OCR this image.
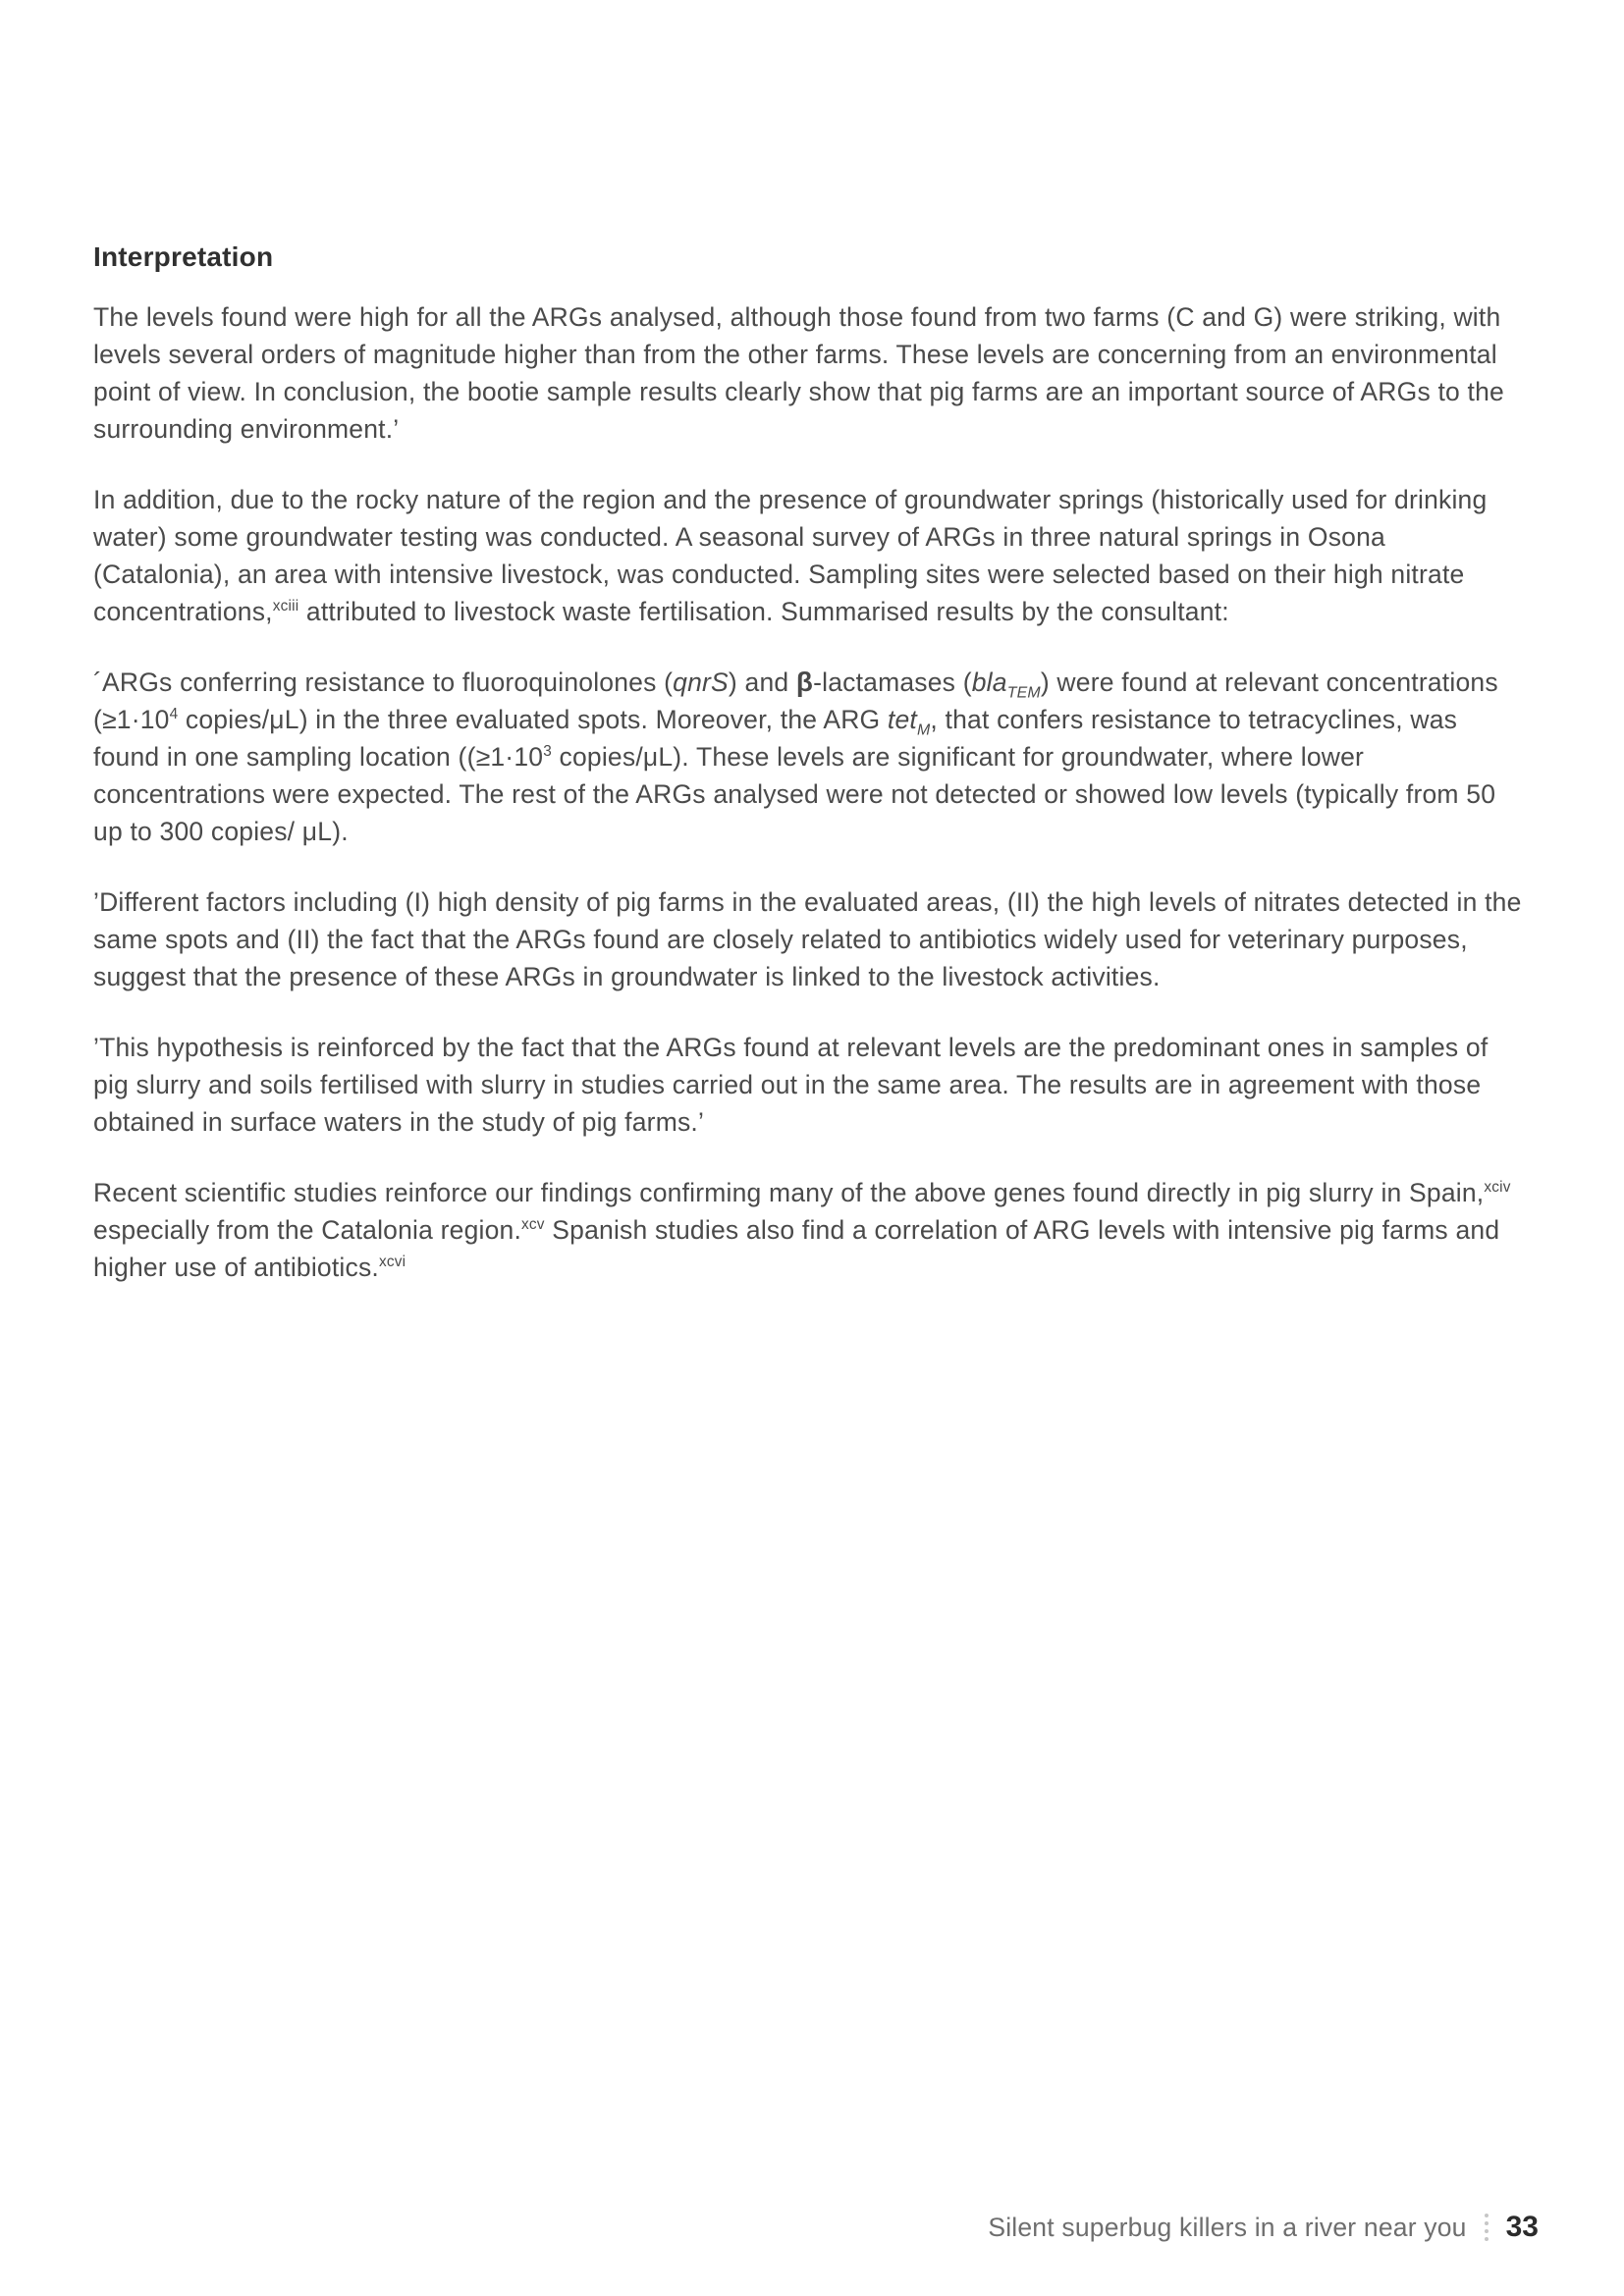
Interpretation

The levels found were high for all the ARGs analysed, although those found from two farms (C and G) were striking, with levels several orders of magnitude higher than from the other farms. These levels are concerning from an environmental point of view. In conclusion, the bootie sample results clearly show that pig farms are an important source of ARGs to the surrounding environment.’

In addition, due to the rocky nature of the region and the presence of groundwater springs (historically used for drinking water) some groundwater testing was conducted. A seasonal survey of ARGs in three natural springs in Osona (Catalonia), an area with intensive livestock, was conducted. Sampling sites were selected based on their high nitrate concentrations,$^{xciii}$ attributed to livestock waste fertilisation. Summarised results by the consultant:

´ARGs conferring resistance to fluoroquinolones (qnrS) and β-lactamases (bla$_{TEM}$) were found at relevant concentrations ($\ge 1\cdot 10^4$ copies/μL) in the three evaluated spots. Moreover, the ARG tet$_M$, that confers resistance to tetracyclines, was found in one sampling location (($\ge 1\cdot 10^3$ copies/μL). These levels are significant for groundwater, where lower concentrations were expected. The rest of the ARGs analysed were not detected or showed low levels (typically from 50 up to 300 copies/ μL).

’Different factors including (I) high density of pig farms in the evaluated areas, (II) the high levels of nitrates detected in the same spots and (II) the fact that the ARGs found are closely related to antibiotics widely used for veterinary purposes, suggest that the presence of these ARGs in groundwater is linked to the livestock activities.

’This hypothesis is reinforced by the fact that the ARGs found at relevant levels are the predominant ones in samples of pig slurry and soils fertilised with slurry in studies carried out in the same area. The results are in agreement with those obtained in surface waters in the study of pig farms.’

Recent scientific studies reinforce our findings confirming many of the above genes found directly in pig slurry in Spain,$^{xciv}$ especially from the Catalonia region.$^{xcv}$ Spanish studies also find a correlation of ARG levels with intensive pig farms and higher use of antibiotics.$^{xcvi}$

Silent superbug killers in a river near you 33
